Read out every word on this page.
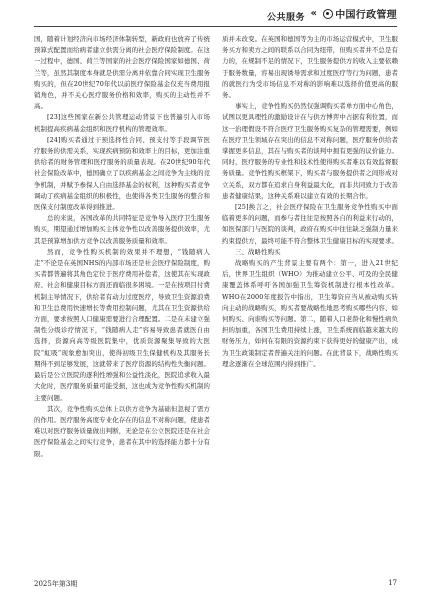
公共服务 « 中国行政管理

国，随着计划经济向市场经济体制转型，新政府也放弃了传统预算式配置而给病者建立供需分离的社会医疗保险制度。在这一过程中，德国、荷兰等国家的社会医疗保险国家如德国、荷兰等，虽然其制度本身就是供需分离并依靠合同实现卫生服务购买的，但在20世纪70年代以前医疗保险基金仅充当费用报销角色，并不关心医疗服务价格和效率，购买的主动性并不高。

[23]这些国家在新公共管理运动背景下也普遍引入市场机制提高疾病基金组织和医疗机构的管理效率。

[24]购买者通过干预选择性合同、预支付等手段调节医疗服务的供需关系，实现疾病预防和效率上的目标，更加注重供给者的财务管理和医疗服务的质量表现。在20世纪90年代社会保险改革中，德国确立了以疾病基金之间竞争为主线的竞争机制，并赋予参保人自由选择基金的权利，这种购买者竞争调动了疾病基金组织的积极性，也使得各类卫生服务的整合和医保支付制度改革得到推进。

总的来说，各国改革的共同特征是竞争导入医疗卫生服务购买，期望通过增加购买主体竞争性以改善服务提供效率，尤其是预算增加供方竞争以改善服务质量和效率。

然而，竞争性购买机制的效果并不理想，“钱随病人走”不论是在英国NHS的内部市场还是社会医疗保险制度，购买者都普遍将其角色定位于医疗费用补偿者，这使其在实现政府、社会和健康目标方面还面临很多困境。一是在按项目付费机制主导情况下，供给者有动力过度医疗，导致卫生资源浪费和卫生总费用快速增长等费用控制问题，尤其在卫生资源供给方面，要求按照人口健康需要进行合理配置。二是在未建立强制性分级诊疗情况下，“钱随病人走”容易导致患者就医自由选择，资源向高等级医院集中，优质资源聚集导致的大医院“虹吸”现象愈加突出，使得初级卫生保健机构及其服务长期得不到足够发展，这就带来了医疗资源的结构性失衡问题。最后是公立医院的逐利性增强和公益性淡化，医院追求收入最大化时，医疗服务质量可能受损，这也成为竞争性购买机制的主要问题。

其次，竞争性购买总体上以供方竞争为基础但忽视了需方的作用。医疗服务高度专业化存在的信息不对称问题，使患者难以对医疗服务质量做出判断，无论是在公立医院还是在社会医疗保险基金之间实行竞争，患者在其中的选择能力都十分有限。

质并未改变。在英国和德国等为主的市场运营模式中，卫生服务买方和卖方之间的联系以合同为纽带，但购买者并不总是有力的，在规制不足的情况下，卫生服务提供方的收入主要依赖于服务数量，容易出现诱导需求和过度医疗等行为问题，患者的就医行为受市场信息不对称的影响难以选择价值更高的服务。

事实上，竞争性购买仍然仅强调购买者单方面中心角色，试图以更具理性的激励设计在与供方博弈中占据有利位置，而这一治理假设不符合医疗卫生服务购买复杂的管理需要，例如在医疗卫生领域存在突出的信息不对称问题，医疗服务供给者掌握更多信息，其在与购买者的谈判中拥有更强的议价能力。同时，医疗服务的专业性和技术性使得购买者难以有效监督服务质量。竞争性购买框架下，购买者与服务提供者之间形成对立关系，双方都在追求自身利益最大化，而非共同致力于改善患者健康结果，这种关系难以建立有效的长期合作。

[25]换言之，社会医疗保险在卫生服务竞争性购买中面临着更多的问题，而参与者往往是按照各自的利益来行动的，如医保部门与医院的谈判，政府在购买中往往缺乏强制力量来约束提供方，最终可能不符合整体卫生健康目标的实现要求。

三、战略性购买

战略购买的产生背景主要有两个：第一，进入21世纪后，世界卫生组织（WHO）为推动建立公平、可及的全民健康覆盖体系呼吁各国加强卫生筹资机制进行根本性改革。WHO在2000年度报告中指出，卫生筹资应当从被动购买转向主动的战略购买，购买者要战略性地思考购买哪些内容、如何购买、向谁购买等问题。第二，随着人口老龄化和慢性病负担的加重，各国卫生费用持续上涨，卫生系统面临越来越大的财务压力，如何在有限的资源约束下获得更好的健康产出，成为卫生政策制定者普遍关注的问题。在此背景下，战略性购买理念逐渐在全球范围内得到推广。

2025年第3期	17
